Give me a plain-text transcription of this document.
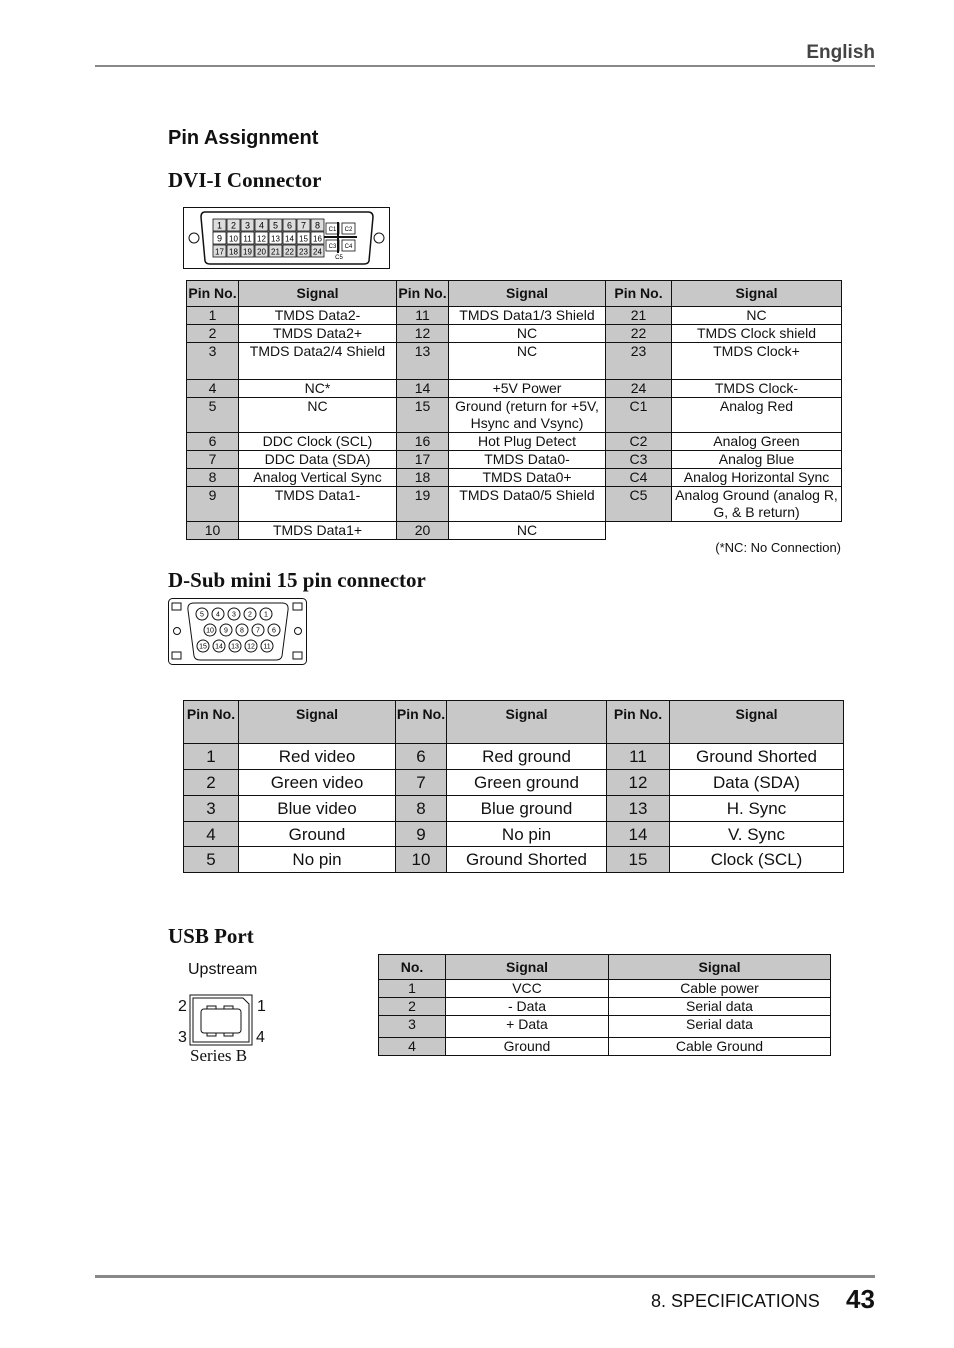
English
Pin Assignment
DVI-I Connector
1 2 3 4 5 6 7 8
9 10 11 12 13 14 15 16
17 18 19 20 21 22 23 24
C1 C2
C3 C4
C5
Pin No.	Signal	Pin No.	Signal	Pin No.	Signal
1	TMDS Data2-	11	TMDS Data1/3 Shield	21	NC
2	TMDS Data2+	12	NC	22	TMDS Clock shield
3	TMDS Data2/4 Shield	13	NC	23	TMDS Clock+
4	NC*	14	+5V Power	24	TMDS Clock-
5	NC	15	Ground (return for +5V, Hsync and Vsync)	C1	Analog Red
6	DDC Clock (SCL)	16	Hot Plug Detect	C2	Analog Green
7	DDC Data (SDA)	17	TMDS Data0-	C3	Analog Blue
8	Analog Vertical Sync	18	TMDS Data0+	C4	Analog Horizontal Sync
9	TMDS Data1-	19	TMDS Data0/5 Shield	C5	Analog Ground (analog R, G, & B return)
10	TMDS Data1+	20	NC		
(*NC: No Connection)
D-Sub mini 15 pin connector
5 4 3 2 1
10 9 8 7 6
15 14 13 12 11
Pin No.	Signal	Pin No.	Signal	Pin No.	Signal
1	Red video	6	Red ground	11	Ground Shorted
2	Green video	7	Green ground	12	Data (SDA)
3	Blue video	8	Blue ground	13	H. Sync
4	Ground	9	No pin	14	V. Sync
5	No pin	10	Ground Shorted	15	Clock (SCL)
USB Port
Upstream
1
2
3	4
Series B
No.	Signal	Signal
1	VCC	Cable power
2	- Data	Serial data
3	+ Data	Serial data
4	Ground	Cable Ground
8. SPECIFICATIONS 43
